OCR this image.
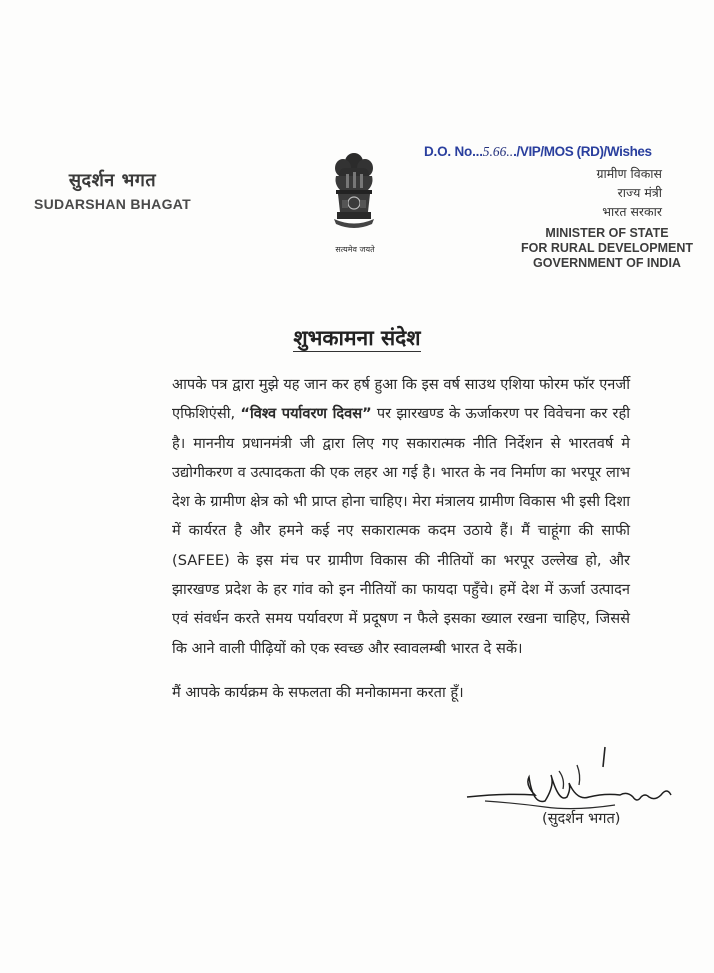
सुदर्शन भगत
SUDARSHAN BHAGAT
सत्यमेव जयते
D.O. No...5.66.../VIP/MOS (RD)/Wishes
ग्रामीण विकास
राज्य मंत्री
भारत सरकार
MINISTER OF STATE
FOR RURAL DEVELOPMENT
GOVERNMENT OF INDIA
शुभकामना संदेश
आपके पत्र द्वारा मुझे यह जान कर हर्ष हुआ कि इस वर्ष साउथ एशिया फोरम फॉर एनर्जी एफिशिएंसी, “विश्व पर्यावरण दिवस” पर झारखण्ड के ऊर्जाकरण पर विवेचना कर रही है। माननीय प्रधानमंत्री जी द्वारा लिए गए सकारात्मक नीति निर्देशन से भारतवर्ष मे उद्योगीकरण व उत्पादकता की एक लहर आ गई है। भारत के नव निर्माण का भरपूर लाभ देश के ग्रामीण क्षेत्र को भी प्राप्त होना चाहिए। मेरा मंत्रालय ग्रामीण विकास भी इसी दिशा में कार्यरत है और हमने कई नए सकारात्मक कदम उठाये हैं। मैं चाहूंगा की साफी (SAFEE) के इस मंच पर ग्रामीण विकास की नीतियों का भरपूर उल्लेख हो, और झारखण्ड प्रदेश के हर गांव को इन नीतियों का फायदा पहुँचे। हमें देश में ऊर्जा उत्पादन एवं संवर्धन करते समय पर्यावरण में प्रदूषण न फैले इसका ख्याल रखना चाहिए, जिससे कि आने वाली पीढ़ियों को एक स्वच्छ और स्वावलम्बी भारत दे सकें।
मैं आपके कार्यक्रम के सफलता की मनोकामना करता हूँ।
(सुदर्शन भगत)
